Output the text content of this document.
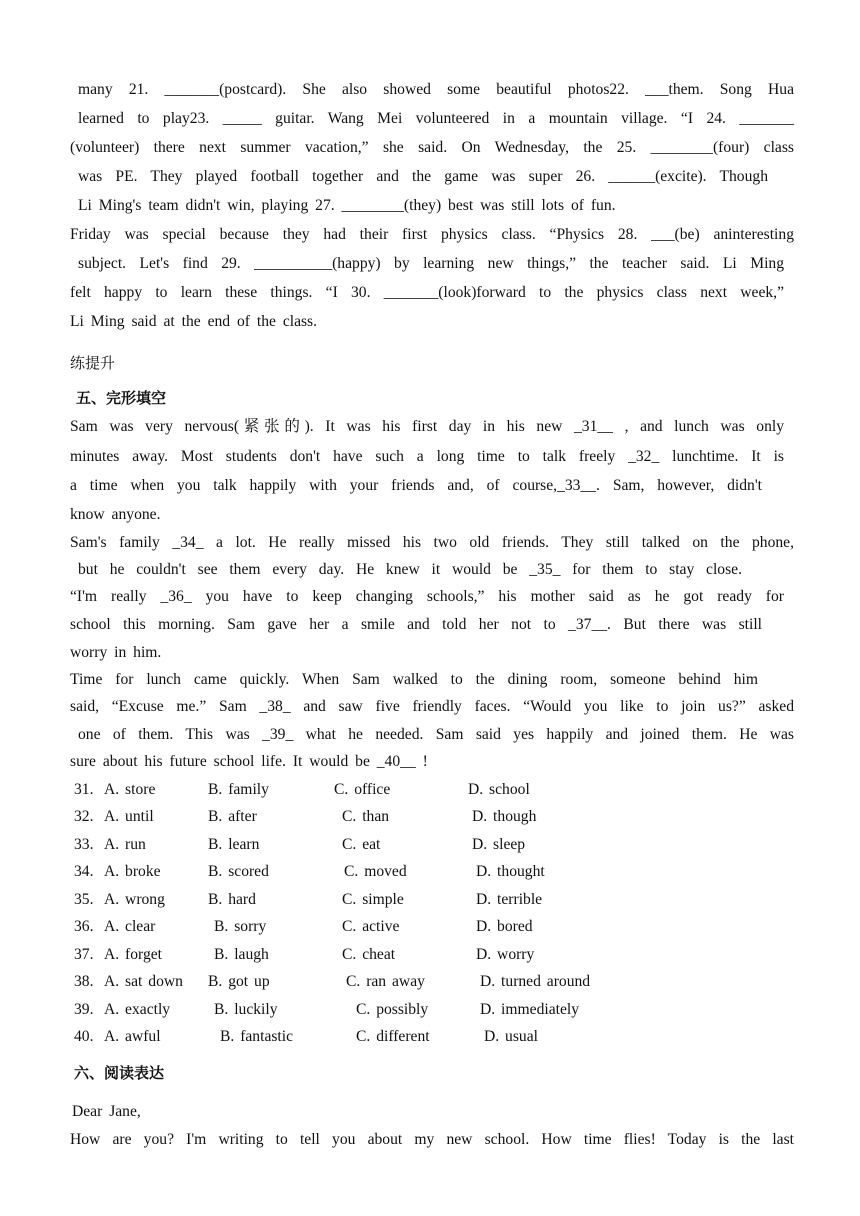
many 21. _______(postcard). She also showed some beautiful photos22. ___them. Song Hua
learned to play23. _____ guitar. Wang Mei volunteered in a mountain village. “I 24. _______
(volunteer) there next summer vacation,” she said. On Wednesday, the 25. ________(four) class
was PE. They played football together and the game was super 26. ______(excite). Though
Li Ming's team didn't win, playing 27. ________(they) best was still lots of fun.
Friday was special because they had their first physics class. “Physics 28. ___(be) aninteresting
subject. Let's find 29. __________(happy) by learning new things,” the teacher said. Li Ming
felt happy to learn these things. “I 30. _______(look)forward to the physics class next week,”
Li Ming said at the end of the class.
练提升
五、完形填空
Sam was very nervous(紧张的). It was his first day in his new _31__ , and lunch was only
minutes away. Most students don't have such a long time to talk freely _32_ lunchtime. It is
a time when you talk happily with your friends and, of course,_33__. Sam, however, didn't
know anyone.
Sam's family _34_ a lot. He really missed his two old friends. They still talked on the phone,
but he couldn't see them every day. He knew it would be _35_ for them to stay close.
“I'm really _36_ you have to keep changing schools,” his mother said as he got ready for
school this morning. Sam gave her a smile and told her not to _37__. But there was still
worry in him.
Time for lunch came quickly. When Sam walked to the dining room, someone behind him
said, “Excuse me.” Sam _38_ and saw five friendly faces. “Would you like to join us?” asked
one of them. This was _39_ what he needed. Sam said yes happily and joined them. He was
sure about his future school life. It would be _40__ !
31. A. store	B. family	C. office	D. school
32. A. until	B. after	C. than	D. though
33. A. run	B. learn	C. eat	D. sleep
34. A. broke	B. scored	C. moved	D. thought
35. A. wrong	B. hard	C. simple	D. terrible
36. A. clear	B. sorry	C. active	D. bored
37. A. forget	B. laugh	C. cheat	D. worry
38. A. sat down B. got up	C. ran away	D. turned around
39. A. exactly	B. luckily	C. possibly	D. immediately
40. A. awful	B. fantastic	C. different	D. usual
六、阅读表达
Dear Jane,
How are you? I'm writing to tell you about my new school. How time flies! Today is the last
